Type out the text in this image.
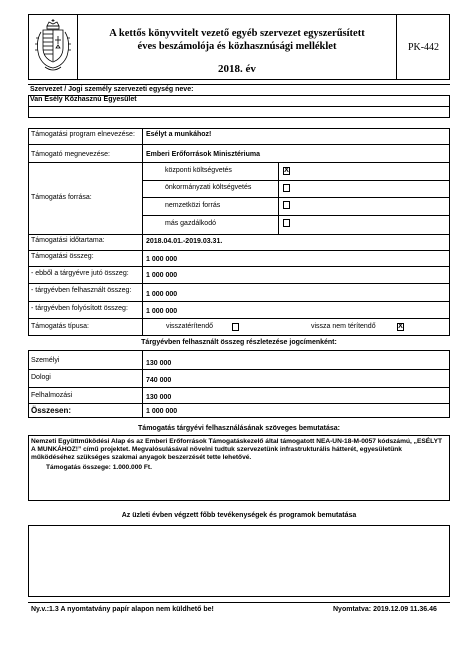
A kettős könyvvitelt vezető egyéb szervezet egyszerűsített
éves beszámolója és közhasznúsági melléklet
2018. év
PK-442
Szervezet / Jogi személy szervezeti egység neve:
Van Esély Közhasznú Egyesület
Támogatási program elnevezése: Esélyt a munkához!
Támogató megnevezése:	Emberi Erőforrások Minisztériuma
Támogatás forrása:
központi költségvetés	X
önkormányzati költségvetés
nemzetközi forrás
más gazdálkodó
Támogatási időtartama:	2018.04.01.-2019.03.31.
Támogatási összeg:	1 000 000
- ebből a tárgyévre jutó összeg: 1 000 000
- tárgyévben felhasznált összeg:
1 000 000
- tárgyévben folyósított összeg:	1 000 000
Támogatás típusa:	visszatérítendő	vissza nem térítendő	X
Tárgyévben felhasznált összeg részletezése jogcímenként:
Személyi	130 000
Dologi	740 000
Felhalmozási	130 000
Összesen:	1 000 000
Támogatás tárgyévi felhasználásának szöveges bemutatása:
Nemzeti Együttműködési Alap és az Emberi Erőforrások Támogatáskezelő által támogatott NEA-UN-18-M-0057 kódszámú, „ESÉLYT A MUNKÁHOZ!” című projektet. Megvalósulásával növelni tudtuk szervezetünk infrastrukturális hátterét, egyesületünk működéséhez szükséges szakmai anyagok beszerzését tette lehetővé.
Támogatás összege: 1.000.000 Ft.
Az üzleti évben végzett főbb tevékenységek és programok bemutatása
Ny.v.:1.3 A nyomtatvány papír alapon nem küldhető be!	Nyomtatva: 2019.12.09 11.36.46
